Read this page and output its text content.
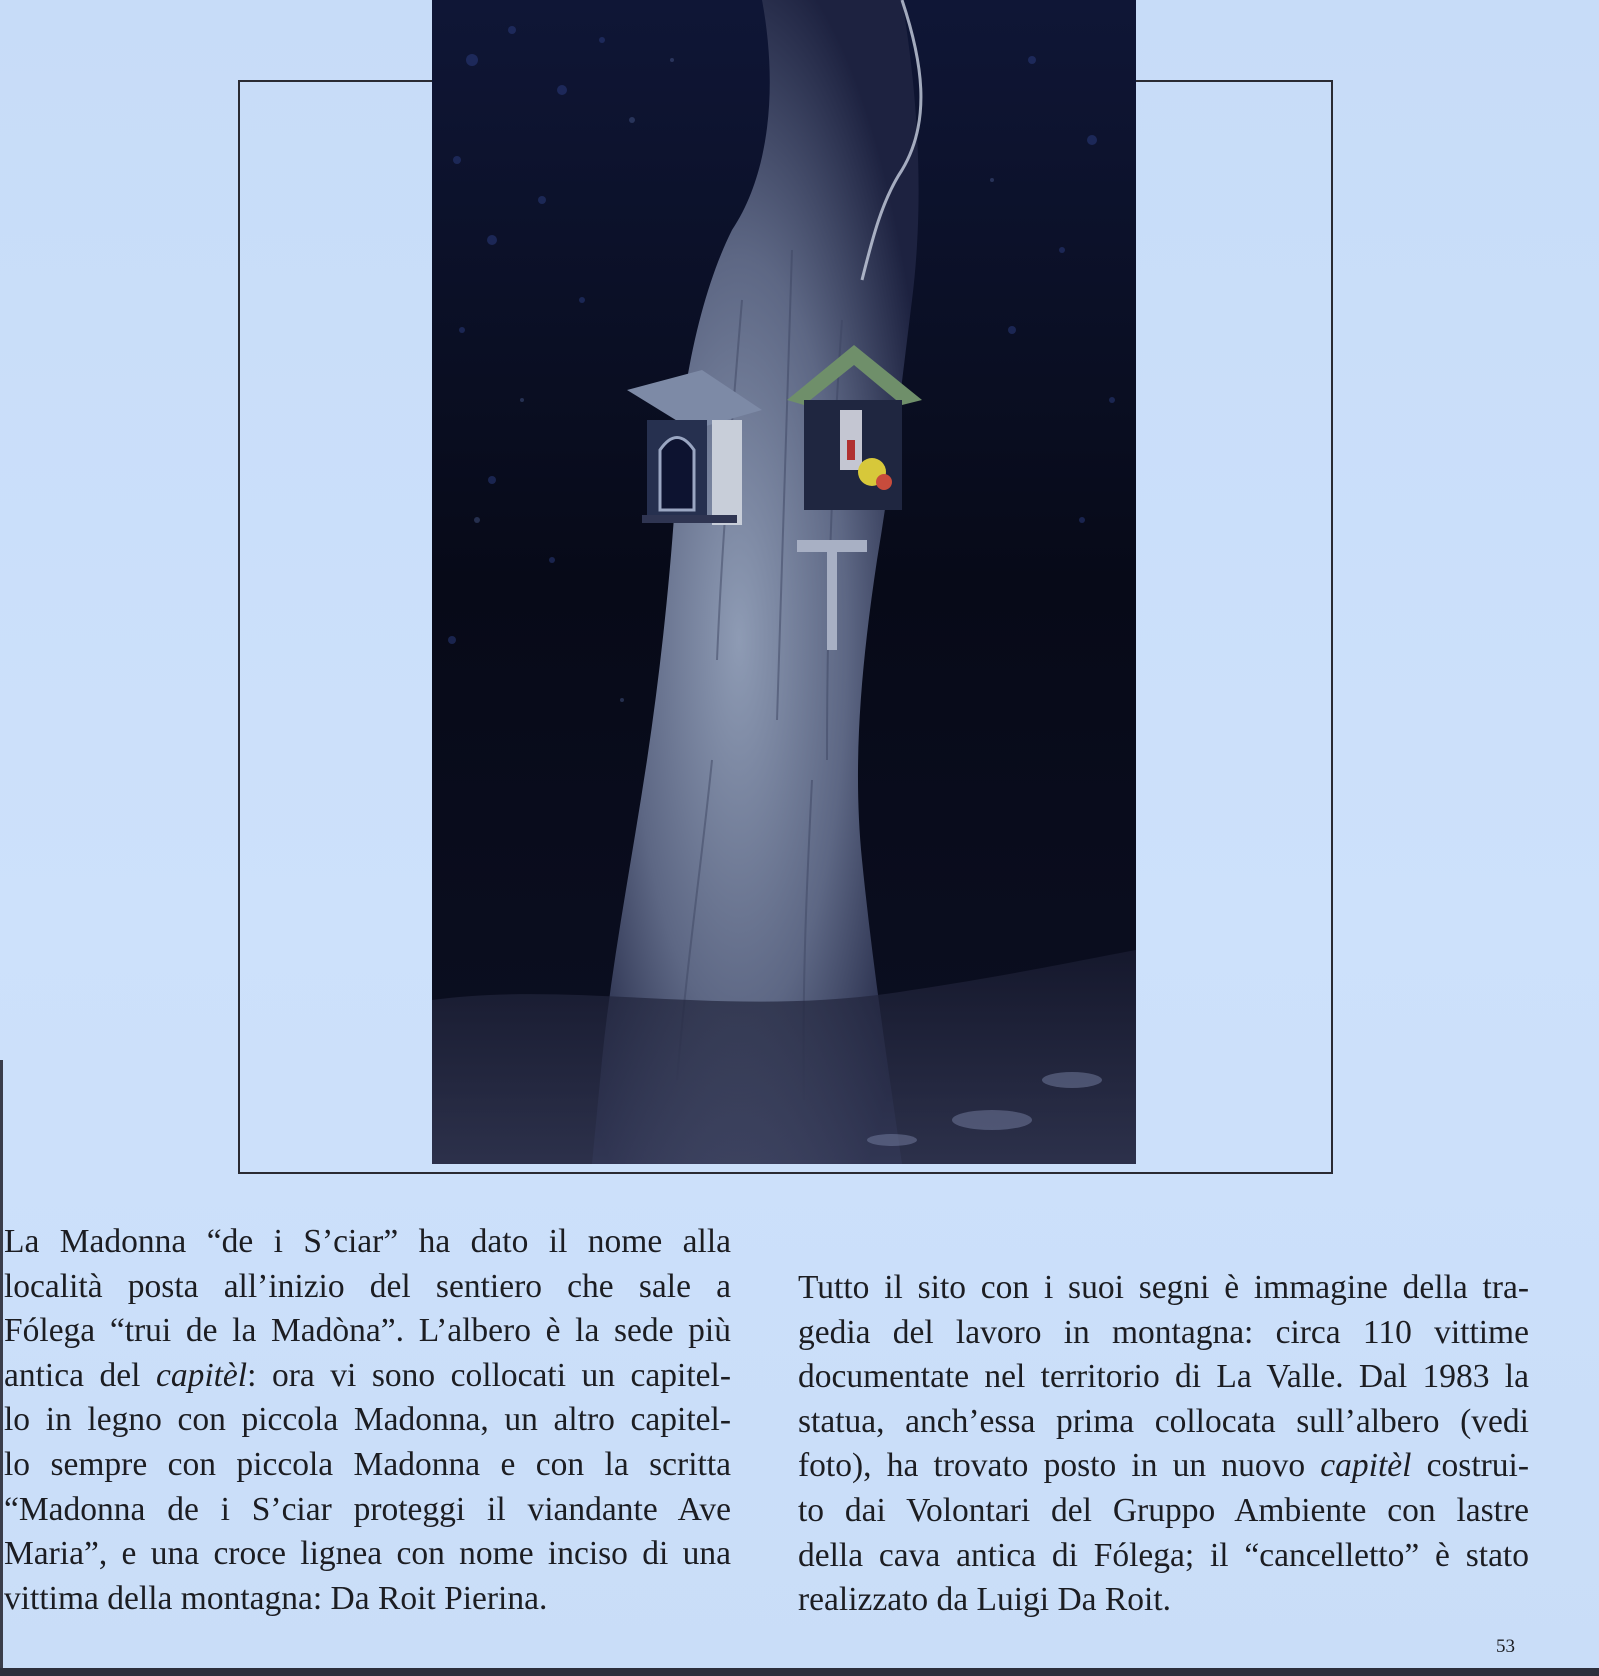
La Madonna “de i S’ciar” ha dato il nome alla
località posta all’inizio del sentiero che sale a
Fólega “trui de la Madòna”. L’albero è la sede più
antica del capitèl: ora vi sono collocati un capitel-
lo in legno con piccola Madonna, un altro capitel-
lo sempre con piccola Madonna e con la scritta
“Madonna de i S’ciar proteggi il viandante Ave
Maria”, e una croce lignea con nome inciso di una
vittima della montagna: Da Roit Pierina.
Tutto il sito con i suoi segni è immagine della tra-
gedia del lavoro in montagna: circa 110 vittime
documentate nel territorio di La Valle. Dal 1983 la
statua, anch’essa prima collocata sull’albero (vedi
foto), ha trovato posto in un nuovo capitèl costrui-
to dai Volontari del Gruppo Ambiente con lastre
della cava antica di Fólega; il “cancelletto” è stato
realizzato da Luigi Da Roit.
53
